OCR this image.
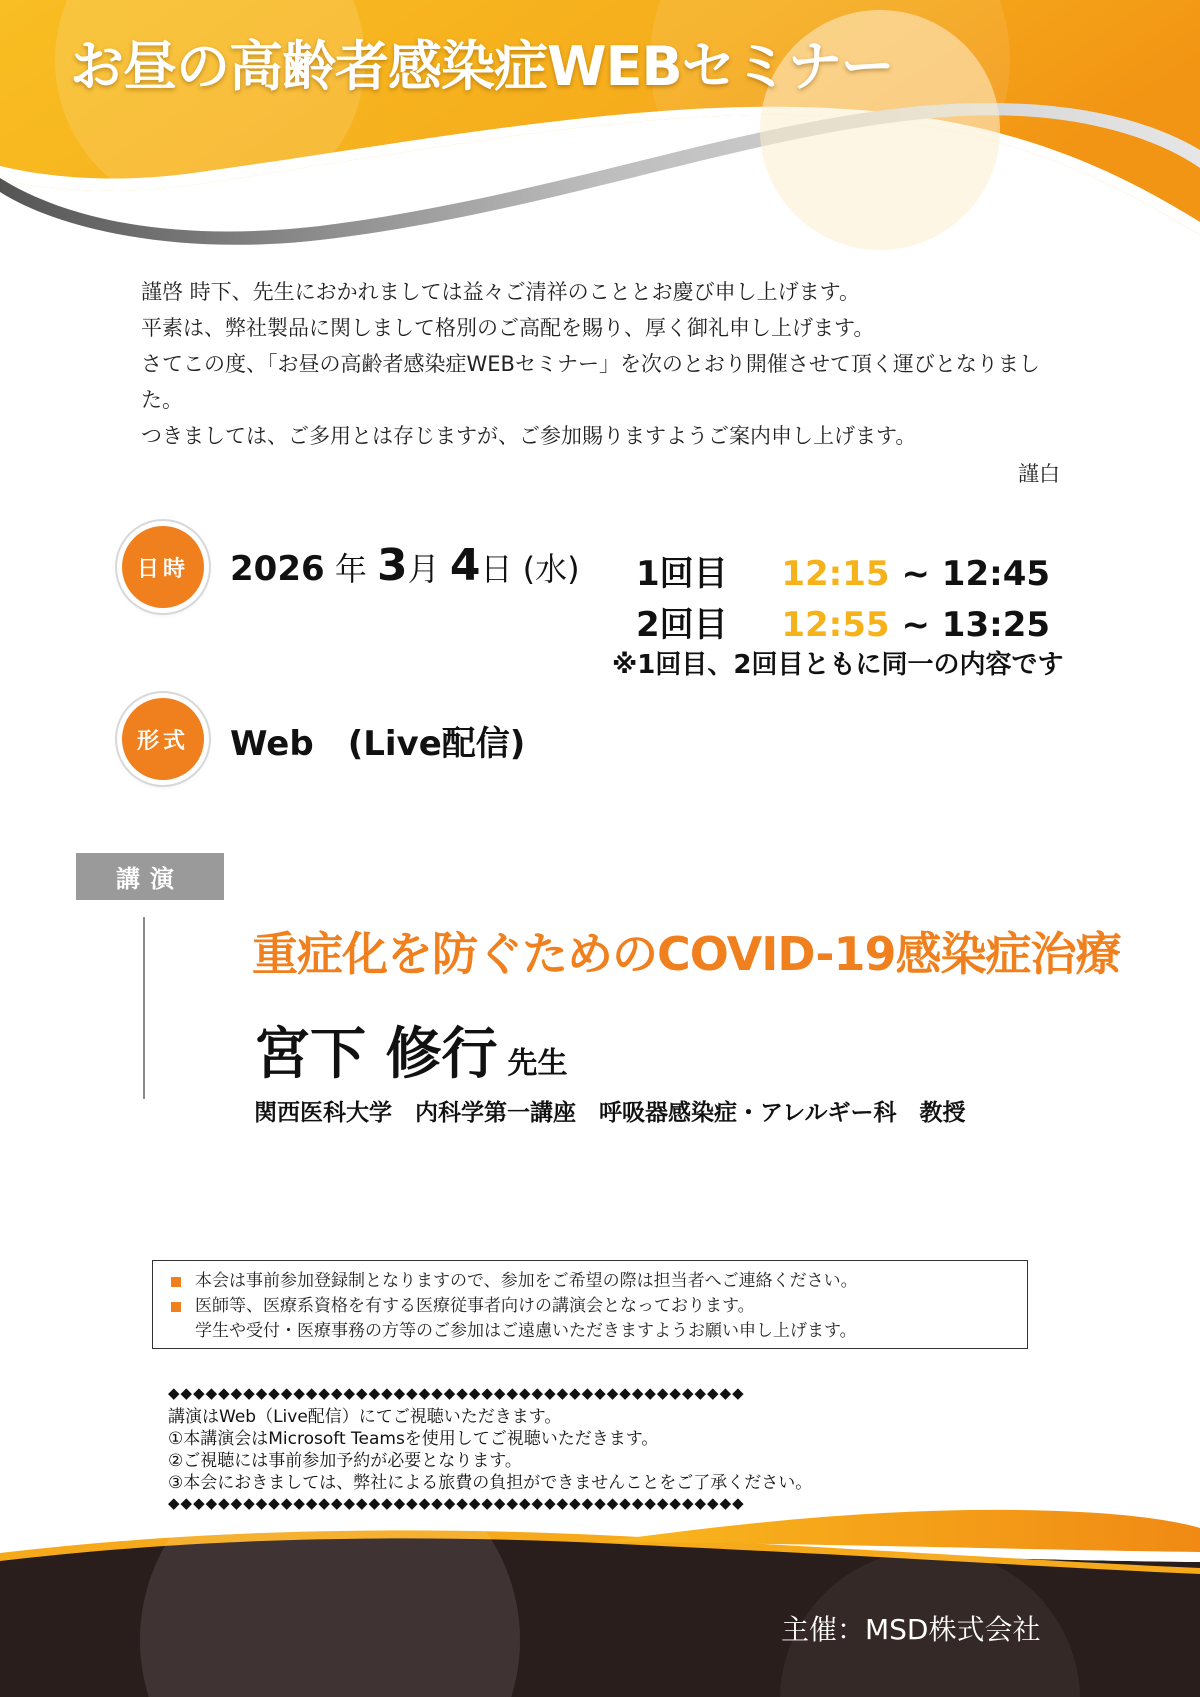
お昼の高齢者感染症WEBセミナー

謹啓 時下、先生におかれましては益々ご清祥のこととお慶び申し上げます。

平素は、弊社製品に関しまして格別のご高配を賜り、厚く御礼申し上げます。

さてこの度、「お昼の高齢者感染症WEBセミナー」を次のとおり開催させて頂く運びとなりました。

つきましては、ご多用とは存じますが、ご参加賜りますようご案内申し上げます。

謹白
日時	2026 年 3月 4日 (水) 1回目 12:15 ~ 12:45
2回目 12:55 ~ 13:25
※1回目、2回目ともに同一の内容です
形式	Web　(Live配信)
講演
重症化を防ぐためのCOVID-19感染症治療
宮下 修行 先生
関西医科大学　内科学第一講座　呼吸器感染症・アレルギー科　教授
本会は事前参加登録制となりますので、参加をご希望の際は担当者へご連絡ください。
医師等、医療系資格を有する医療従事者向けの講演会となっております。
学生や受付・医療事務の方等のご参加はご遠慮いただきますようお願い申し上げます。
◆◆◆◆◆◆◆◆◆◆◆◆◆◆◆◆◆◆◆◆◆◆◆◆◆◆◆◆◆◆◆◆◆◆◆◆◆◆◆◆◆◆◆◆◆◆
講演はWeb（Live配信）にてご視聴いただきます。
①本講演会はMicrosoft Teamsを使用してご視聴いただきます。
②ご視聴には事前参加予約が必要となります。
③本会におきましては、弊社による旅費の負担ができませんことをご了承ください。
◆◆◆◆◆◆◆◆◆◆◆◆◆◆◆◆◆◆◆◆◆◆◆◆◆◆◆◆◆◆◆◆◆◆◆◆◆◆◆◆◆◆◆◆◆◆
主催：MSD株式会社
